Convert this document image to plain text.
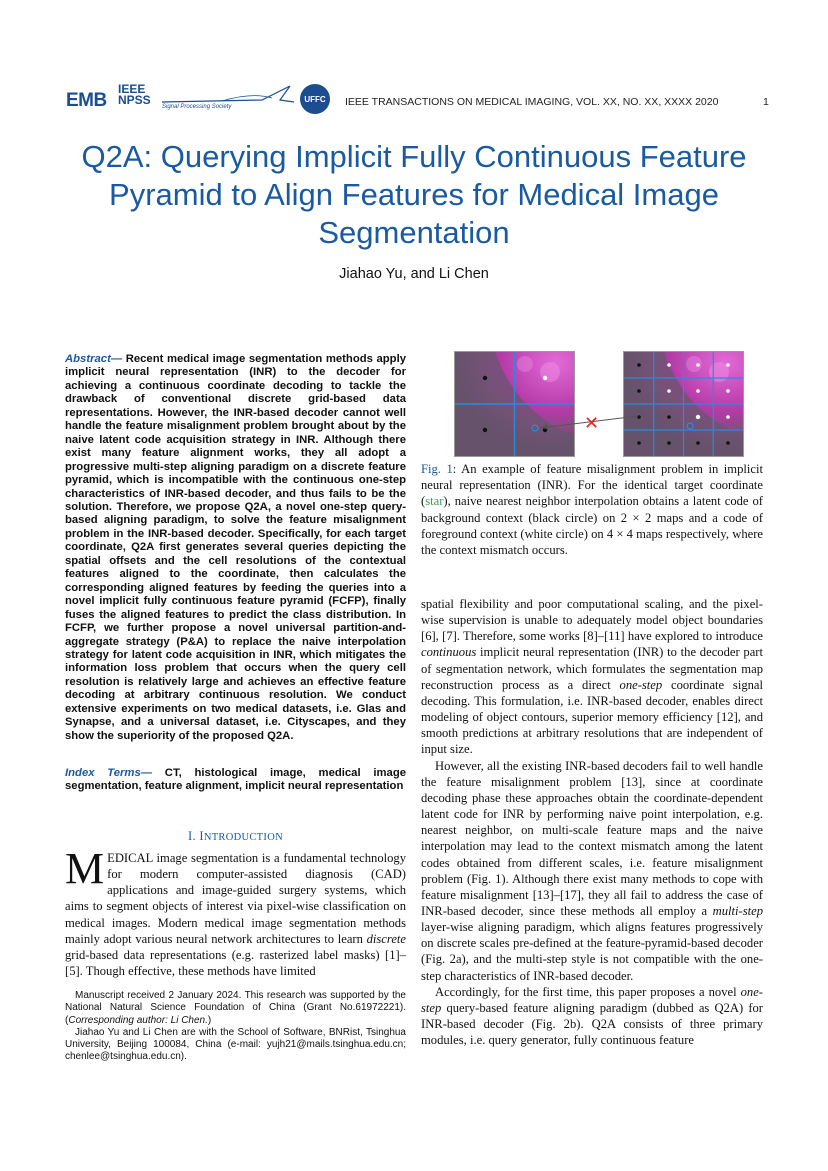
EMB
IEEE
NPSS Signal Processing Society
UFFC	IEEE TRANSACTIONS ON MEDICAL IMAGING, VOL. XX, NO. XX, XXXX 2020	1
Q2A: Querying Implicit Fully Continuous Feature Pyramid to Align Features for Medical Image Segmentation
Jiahao Yu, and Li Chen

Abstract— Recent medical image segmentation methods apply implicit neural representation (INR) to the decoder for achieving a continuous coordinate decoding to tackle the drawback of conventional discrete grid-based data representations. However, the INR-based decoder cannot well handle the feature misalignment problem brought about by the naive latent code acquisition strategy in INR. Although there exist many feature alignment works, they all adopt a progressive multi-step aligning paradigm on a discrete feature pyramid, which is incompatible with the continuous one-step characteristics of INR-based decoder, and thus fails to be the solution. Therefore, we propose Q2A, a novel one-step query-based aligning paradigm, to solve the feature misalignment problem in the INR-based decoder. Specifically, for each target coordinate, Q2A first generates several queries depicting the spatial offsets and the cell resolutions of the contextual features aligned to the coordinate, then calculates the corresponding aligned features by feeding the queries into a novel implicit fully continuous feature pyramid (FCFP), finally fuses the aligned features to predict the class distribution. In FCFP, we further propose a novel universal partition-and-aggregate strategy (P&A) to replace the naive interpolation strategy for latent code acquisition in INR, which mitigates the information loss problem that occurs when the query cell resolution is relatively large and achieves an effective feature decoding at arbitrary continuous resolution. We conduct extensive experiments on two medical datasets, i.e. Glas and Synapse, and a universal dataset, i.e. Cityscapes, and they show the superiority of the proposed Q2A.

Index Terms— CT, histological image, medical image segmentation, feature alignment, implicit neural representation

I. INTRODUCTION

MEDICAL image segmentation is a fundamental technology for modern computer-assisted diagnosis (CAD) applications and image-guided surgery systems, which aims to segment objects of interest via pixel-wise classification on medical images. Modern medical image segmentation methods mainly adopt various neural network architectures to learn discrete grid-based data representations (e.g. rasterized label masks) [1]–[5]. Though effective, these methods have limited

Manuscript received 2 January 2024. This research was supported by the National Natural Science Foundation of China (Grant No.61972221). (Corresponding author: Li Chen.)

Jiahao Yu and Li Chen are with the School of Software, BNRist, Tsinghua University, Beijing 100084, China (e-mail: yujh21@mails.tsinghua.edu.cn; chenlee@tsinghua.edu.cn).

✕

Fig. 1: An example of feature misalignment problem in implicit neural representation (INR). For the identical target coordinate (star), naive nearest neighbor interpolation obtains a latent code of background context (black circle) on 2 × 2 maps and a code of foreground context (white circle) on 4 × 4 maps respectively, where the context mismatch occurs.

spatial flexibility and poor computational scaling, and the pixel-wise supervision is unable to adequately model object boundaries [6], [7]. Therefore, some works [8]–[11] have explored to introduce continuous implicit neural representation (INR) to the decoder part of segmentation network, which formulates the segmentation map reconstruction process as a direct one-step coordinate signal decoding. This formulation, i.e. INR-based decoder, enables direct modeling of object contours, superior memory efficiency [12], and smooth predictions at arbitrary resolutions that are independent of input size.

However, all the existing INR-based decoders fail to well handle the feature misalignment problem [13], since at coordinate decoding phase these approaches obtain the coordinate-dependent latent code for INR by performing naive point interpolation, e.g. nearest neighbor, on multi-scale feature maps and the naive interpolation may lead to the context mismatch among the latent codes obtained from different scales, i.e. feature misalignment problem (Fig. 1). Although there exist many methods to cope with feature misalignment [13]–[17], they all fail to address the case of INR-based decoder, since these methods all employ a multi-step layer-wise aligning paradigm, which aligns features progressively on discrete scales pre-defined at the feature-pyramid-based decoder (Fig. 2a), and the multi-step style is not compatible with the one-step characteristics of INR-based decoder.

Accordingly, for the first time, this paper proposes a novel one-step query-based feature aligning paradigm (dubbed as Q2A) for INR-based decoder (Fig. 2b). Q2A consists of three primary modules, i.e. query generator, fully continuous feature
